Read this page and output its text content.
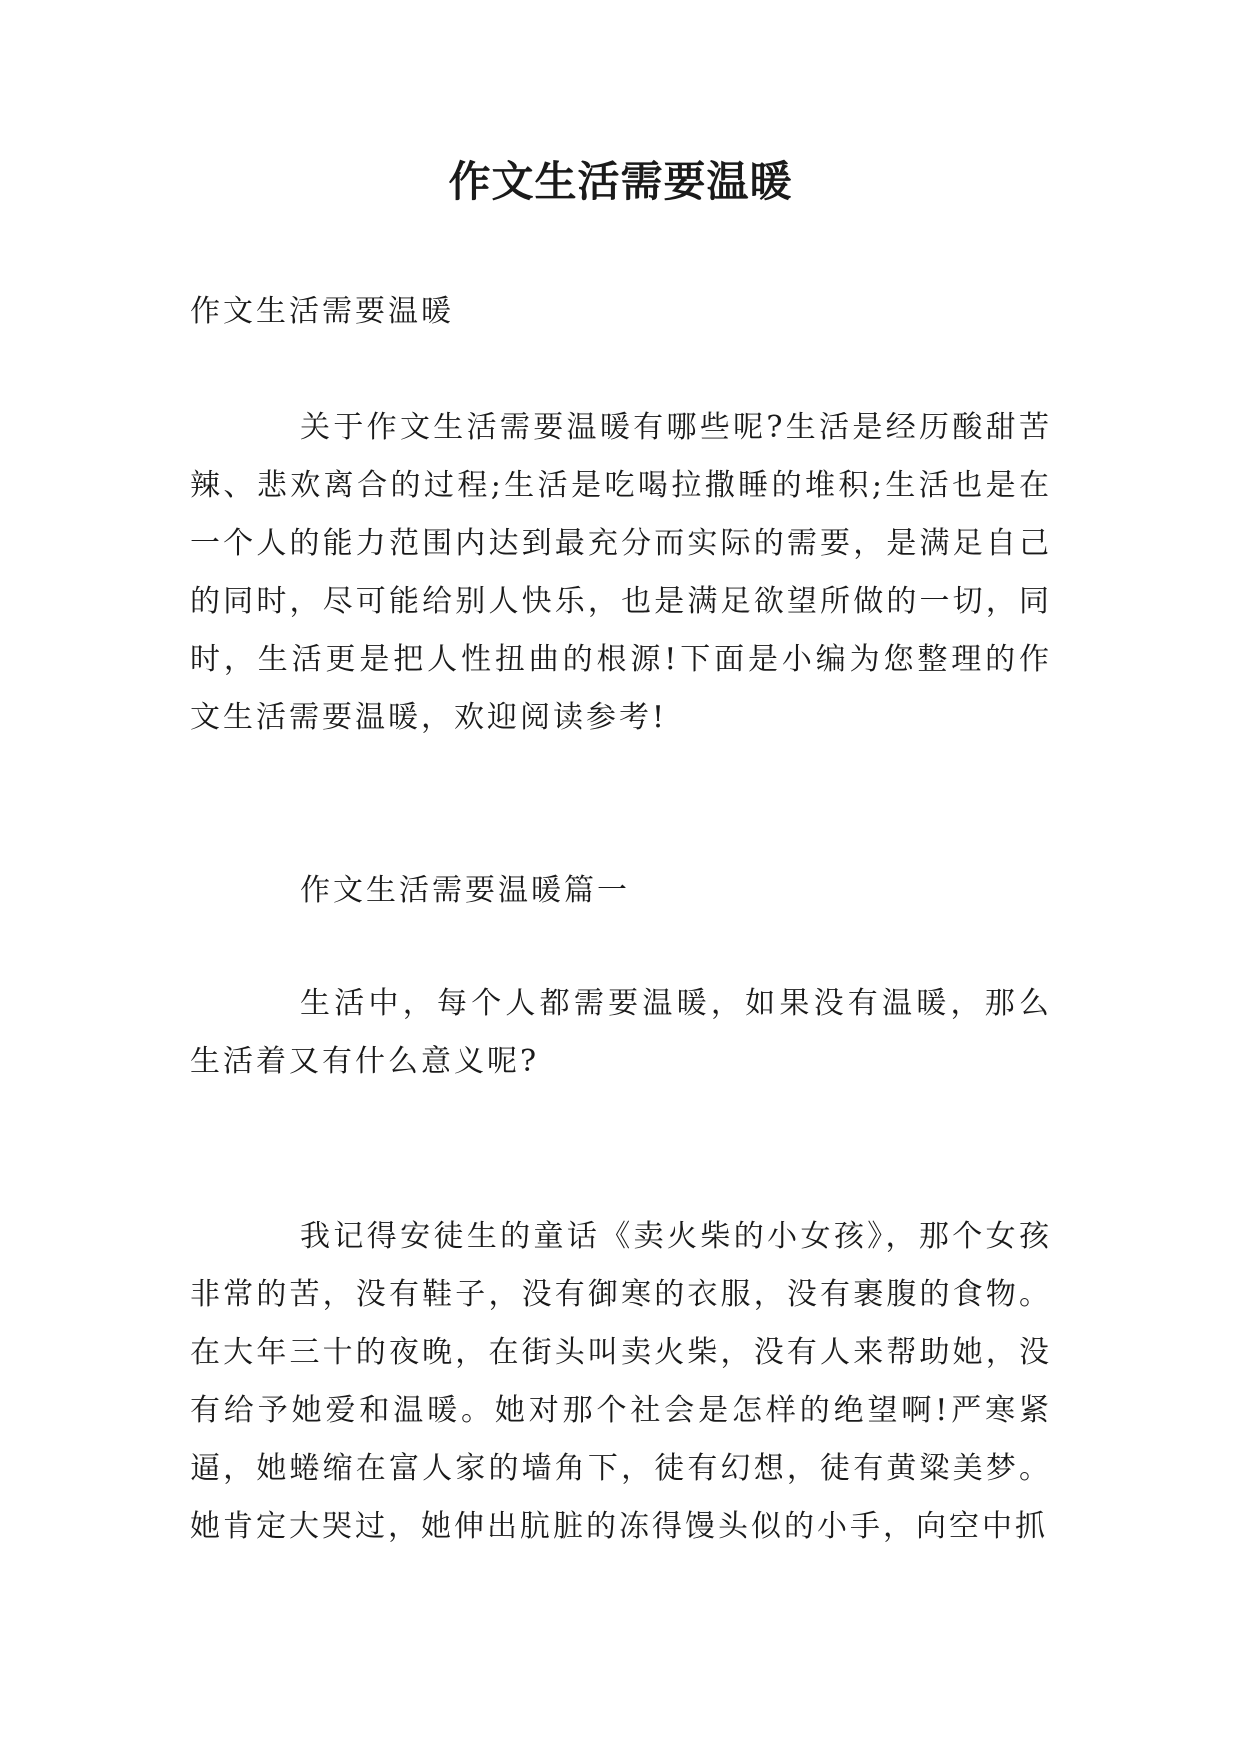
作文生活需要温暖

作文生活需要温暖

关于作文生活需要温暖有哪些呢?生活是经历酸甜苦辣、悲欢离合的过程;生活是吃喝拉撒睡的堆积;生活也是在一个人的能力范围内达到最充分而实际的需要，是满足自己的同时，尽可能给别人快乐，也是满足欲望所做的一切，同时，生活更是把人性扭曲的根源!下面是小编为您整理的作文生活需要温暖，欢迎阅读参考!

作文生活需要温暖篇一

生活中，每个人都需要温暖，如果没有温暖，那么生活着又有什么意义呢?

我记得安徒生的童话《卖火柴的小女孩》，那个女孩非常的苦，没有鞋子，没有御寒的衣服，没有裹腹的食物。在大年三十的夜晚，在街头叫卖火柴，没有人来帮助她，没有给予她爱和温暖。她对那个社会是怎样的绝望啊!严寒紧逼，她蜷缩在富人家的墙角下，徒有幻想，徒有黄粱美梦。她肯定大哭过，她伸出肮脏的冻得馒头似的小手，向空中抓
